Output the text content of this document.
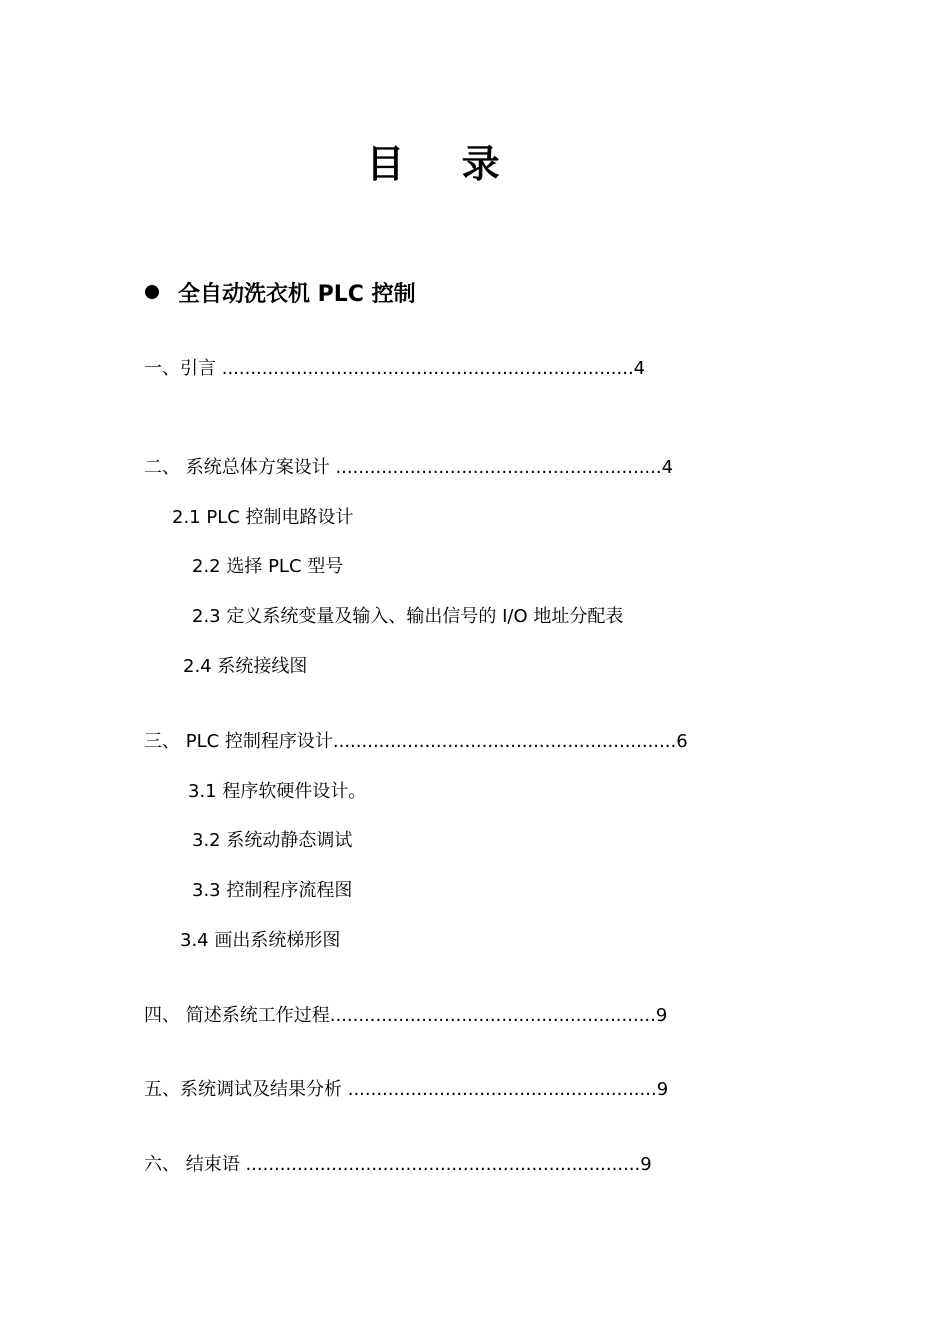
目 录
全自动洗衣机 PLC 控制
一、引言 ........................................................................4
二、 系统总体方案设计 .........................................................4
2.1 PLC 控制电路设计
2.2 选择 PLC 型号
2.3 定义系统变量及输入、输出信号的 I/O 地址分配表
2.4 系统接线图
三、 PLC 控制程序设计............................................................6
3.1 程序软硬件设计。
3.2 系统动静态调试
3.3 控制程序流程图
3.4 画出系统梯形图
四、 简述系统工作过程.........................................................9
五、系统调试及结果分析 ......................................................9
六、 结束语 .....................................................................9
